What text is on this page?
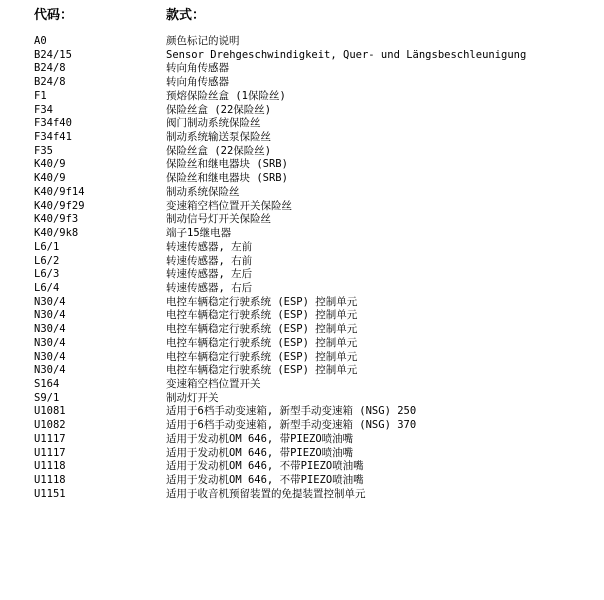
代码：	款式：
A0	颜色标记的说明
B24/15	Sensor Drehgeschwindigkeit, Quer- und Längsbeschleunigung
B24/8	转向角传感器
B24/8	转向角传感器
F1	预熔保险丝盒 (1保险丝)
F34	保险丝盒 (22保险丝)
F34f40	阀门制动系统保险丝
F34f41	制动系统输送泵保险丝
F35	保险丝盒 (22保险丝)
K40/9	保险丝和继电器块 (SRB)
K40/9	保险丝和继电器块 (SRB)
K40/9f14	制动系统保险丝
K40/9f29	变速箱空档位置开关保险丝
K40/9f3	制动信号灯开关保险丝
K40/9k8	端子15继电器
L6/1	转速传感器, 左前
L6/2	转速传感器, 右前
L6/3	转速传感器, 左后
L6/4	转速传感器, 右后
N30/4	电控车辆稳定行驶系统 (ESP) 控制单元
N30/4	电控车辆稳定行驶系统 (ESP) 控制单元
N30/4	电控车辆稳定行驶系统 (ESP) 控制单元
N30/4	电控车辆稳定行驶系统 (ESP) 控制单元
N30/4	电控车辆稳定行驶系统 (ESP) 控制单元
N30/4	电控车辆稳定行驶系统 (ESP) 控制单元
S164	变速箱空档位置开关
S9/1	制动灯开关
U1081	适用于6档手动变速箱, 新型手动变速箱 (NSG) 250
U1082	适用于6档手动变速箱, 新型手动变速箱 (NSG) 370
U1117	适用于发动机OM 646, 带PIEZO喷油嘴
U1117	适用于发动机OM 646, 带PIEZO喷油嘴
U1118	适用于发动机OM 646, 不带PIEZO喷油嘴
U1118	适用于发动机OM 646, 不带PIEZO喷油嘴
U1151	适用于收音机预留装置的免提装置控制单元
